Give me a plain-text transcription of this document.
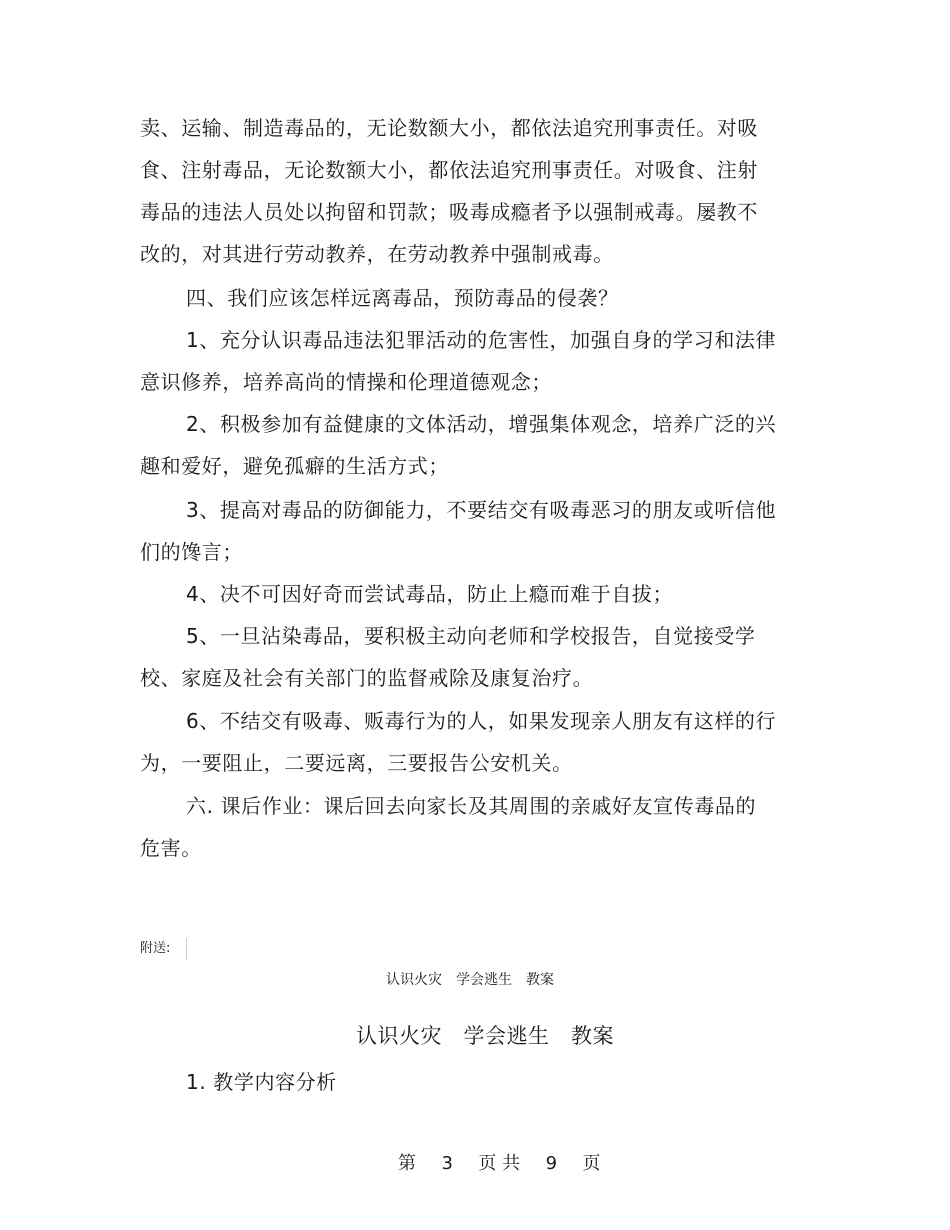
卖、运输、制造毒品的，无论数额大小，都依法追究刑事责任。对吸
食、注射毒品，无论数额大小，都依法追究刑事责任。对吸食、注射
毒品的违法人员处以拘留和罚款；吸毒成瘾者予以强制戒毒。屡教不
改的，对其进行劳动教养，在劳动教养中强制戒毒。
四、我们应该怎样远离毒品，预防毒品的侵袭？
1、充分认识毒品违法犯罪活动的危害性，加强自身的学习和法律
意识修养，培养高尚的情操和伦理道德观念；
2、积极参加有益健康的文体活动，增强集体观念，培养广泛的兴
趣和爱好，避免孤癖的生活方式；
3、提高对毒品的防御能力，不要结交有吸毒恶习的朋友或听信他
们的馋言；
4、决不可因好奇而尝试毒品，防止上瘾而难于自拔；
5、一旦沾染毒品，要积极主动向老师和学校报告，自觉接受学
校、家庭及社会有关部门的监督戒除及康复治疗。
6、不结交有吸毒、贩毒行为的人，如果发现亲人朋友有这样的行
为，一要阻止，二要远离，三要报告公安机关。
六. 课后作业：课后回去向家长及其周围的亲戚好友宣传毒品的
危害。
附送:
认识火灾　学会逃生　教案
认识火灾　学会逃生　教案
1. 教学内容分析
第 3 页 共 9 页
